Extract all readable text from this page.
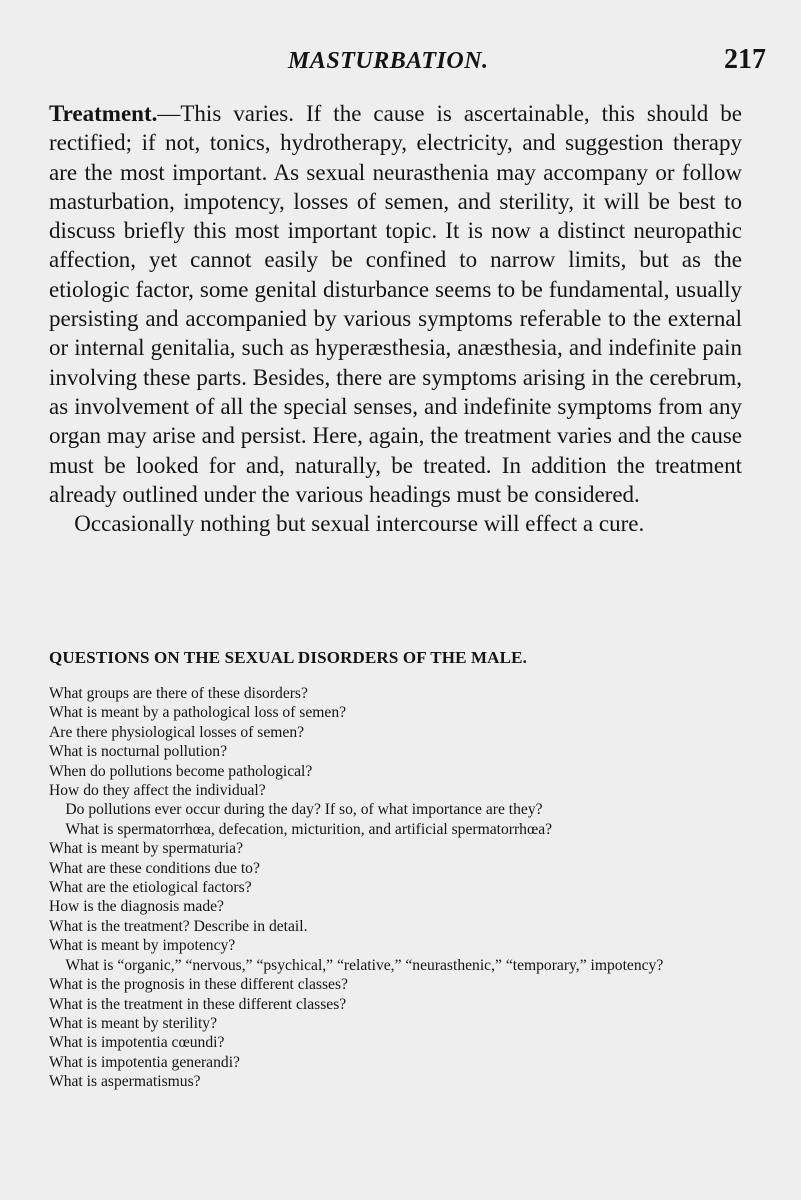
MASTURBATION.	217

Treatment.—This varies. If the cause is ascertainable, this should be rectified; if not, tonics, hydrotherapy, electricity, and suggestion therapy are the most important. As sexual neurasthenia may accompany or follow masturbation, impotency, losses of semen, and sterility, it will be best to discuss briefly this most important topic. It is now a distinct neuropathic affection, yet cannot easily be confined to narrow limits, but as the etiologic factor, some genital disturbance seems to be fundamental, usually persisting and accompanied by various symptoms referable to the external or internal genitalia, such as hyperæsthesia, anæsthesia, and indefinite pain involving these parts. Besides, there are symptoms arising in the cerebrum, as involvement of all the special senses, and indefinite symptoms from any organ may arise and persist. Here, again, the treatment varies and the cause must be looked for and, naturally, be treated. In addition the treatment already outlined under the various headings must be considered.

Occasionally nothing but sexual intercourse will effect a cure.

QUESTIONS ON THE SEXUAL DISORDERS OF THE MALE.
What groups are there of these disorders?
What is meant by a pathological loss of semen?
Are there physiological losses of semen?
What is nocturnal pollution?
When do pollutions become pathological?
How do they affect the individual?
Do pollutions ever occur during the day? If so, of what importance are they?
What is spermatorrhœa, defecation, micturition, and artificial spermatorrhœa?
What is meant by spermaturia?
What are these conditions due to?
What are the etiological factors?
How is the diagnosis made?
What is the treatment? Describe in detail.
What is meant by impotency?
What is “organic,” “nervous,” “psychical,” “relative,” “neurasthenic,” “temporary,” impotency?
What is the prognosis in these different classes?
What is the treatment in these different classes?
What is meant by sterility?
What is impotentia cœundi?
What is impotentia generandi?
What is aspermatismus?
